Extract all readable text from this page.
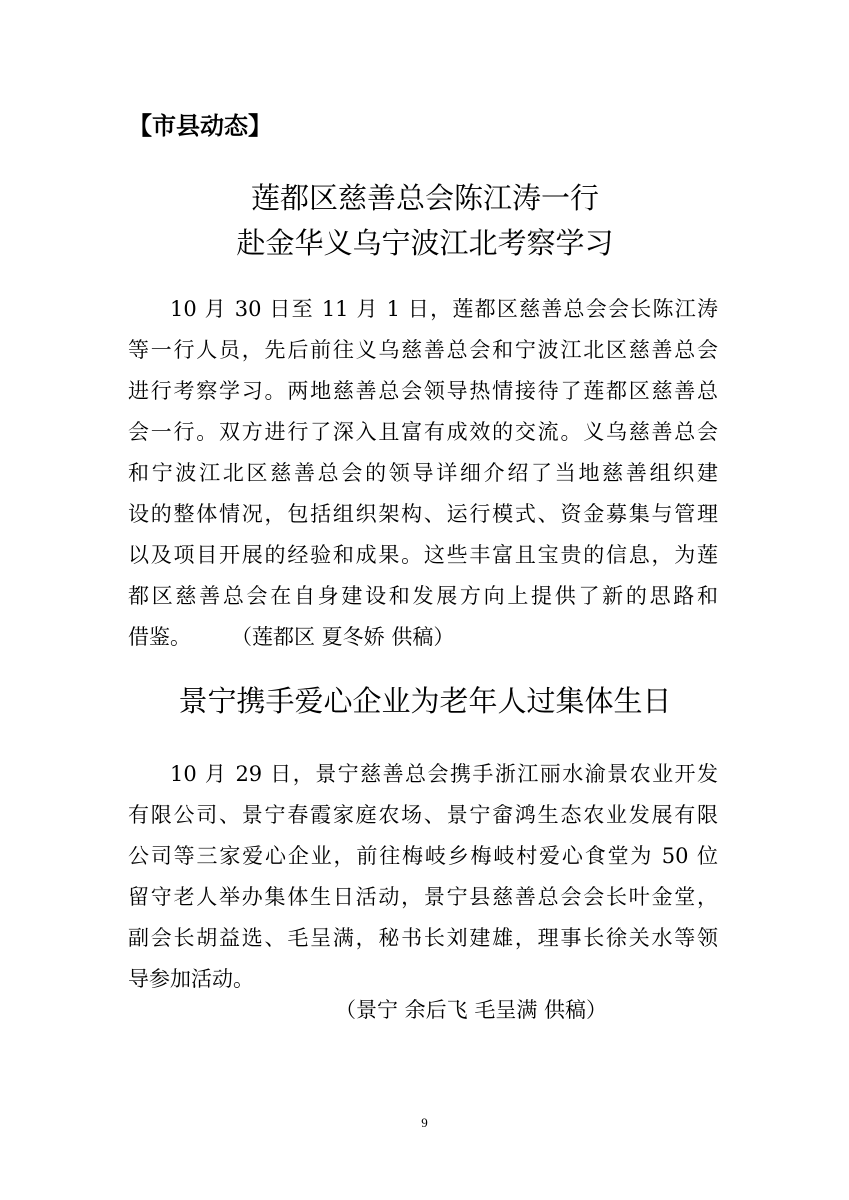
【市县动态】
莲都区慈善总会陈江涛一行
赴金华义乌宁波江北考察学习
10 月 30 日至 11 月 1 日，莲都区慈善总会会长陈江涛
等一行人员，先后前往义乌慈善总会和宁波江北区慈善总会
进行考察学习。两地慈善总会领导热情接待了莲都区慈善总
会一行。双方进行了深入且富有成效的交流。义乌慈善总会
和宁波江北区慈善总会的领导详细介绍了当地慈善组织建
设的整体情况，包括组织架构、运行模式、资金募集与管理
以及项目开展的经验和成果。这些丰富且宝贵的信息，为莲
都区慈善总会在自身建设和发展方向上提供了新的思路和
借鉴。 （莲都区 夏冬娇 供稿）
景宁携手爱心企业为老年人过集体生日
10 月 29 日，景宁慈善总会携手浙江丽水渝景农业开发
有限公司、景宁春霞家庭农场、景宁畲鸿生态农业发展有限
公司等三家爱心企业，前往梅岐乡梅岐村爱心食堂为 50 位
留守老人举办集体生日活动，景宁县慈善总会会长叶金堂，
副会长胡益选、毛呈满，秘书长刘建雄，理事长徐关水等领
导参加活动。
（景宁 余后飞 毛呈满 供稿）
9
